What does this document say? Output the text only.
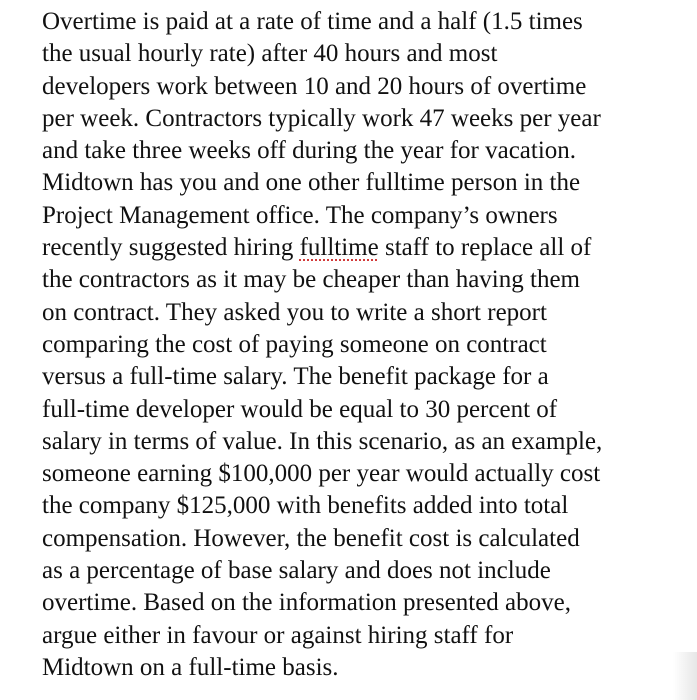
Overtime is paid at a rate of time and a half (1.5 times
the usual hourly rate) after 40 hours and most
developers work between 10 and 20 hours of overtime
per week. Contractors typically work 47 weeks per year
and take three weeks off during the year for vacation.
Midtown has you and one other fulltime person in the
Project Management office. The company’s owners
recently suggested hiring fulltime staff to replace all of
the contractors as it may be cheaper than having them
on contract. They asked you to write a short report
comparing the cost of paying someone on contract
versus a full-time salary. The benefit package for a
full-time developer would be equal to 30 percent of
salary in terms of value. In this scenario, as an example,
someone earning $100,000 per year would actually cost
the company $125,000 with benefits added into total
compensation. However, the benefit cost is calculated
as a percentage of base salary and does not include
overtime. Based on the information presented above,
argue either in favour or against hiring staff for
Midtown on a full-time basis.
